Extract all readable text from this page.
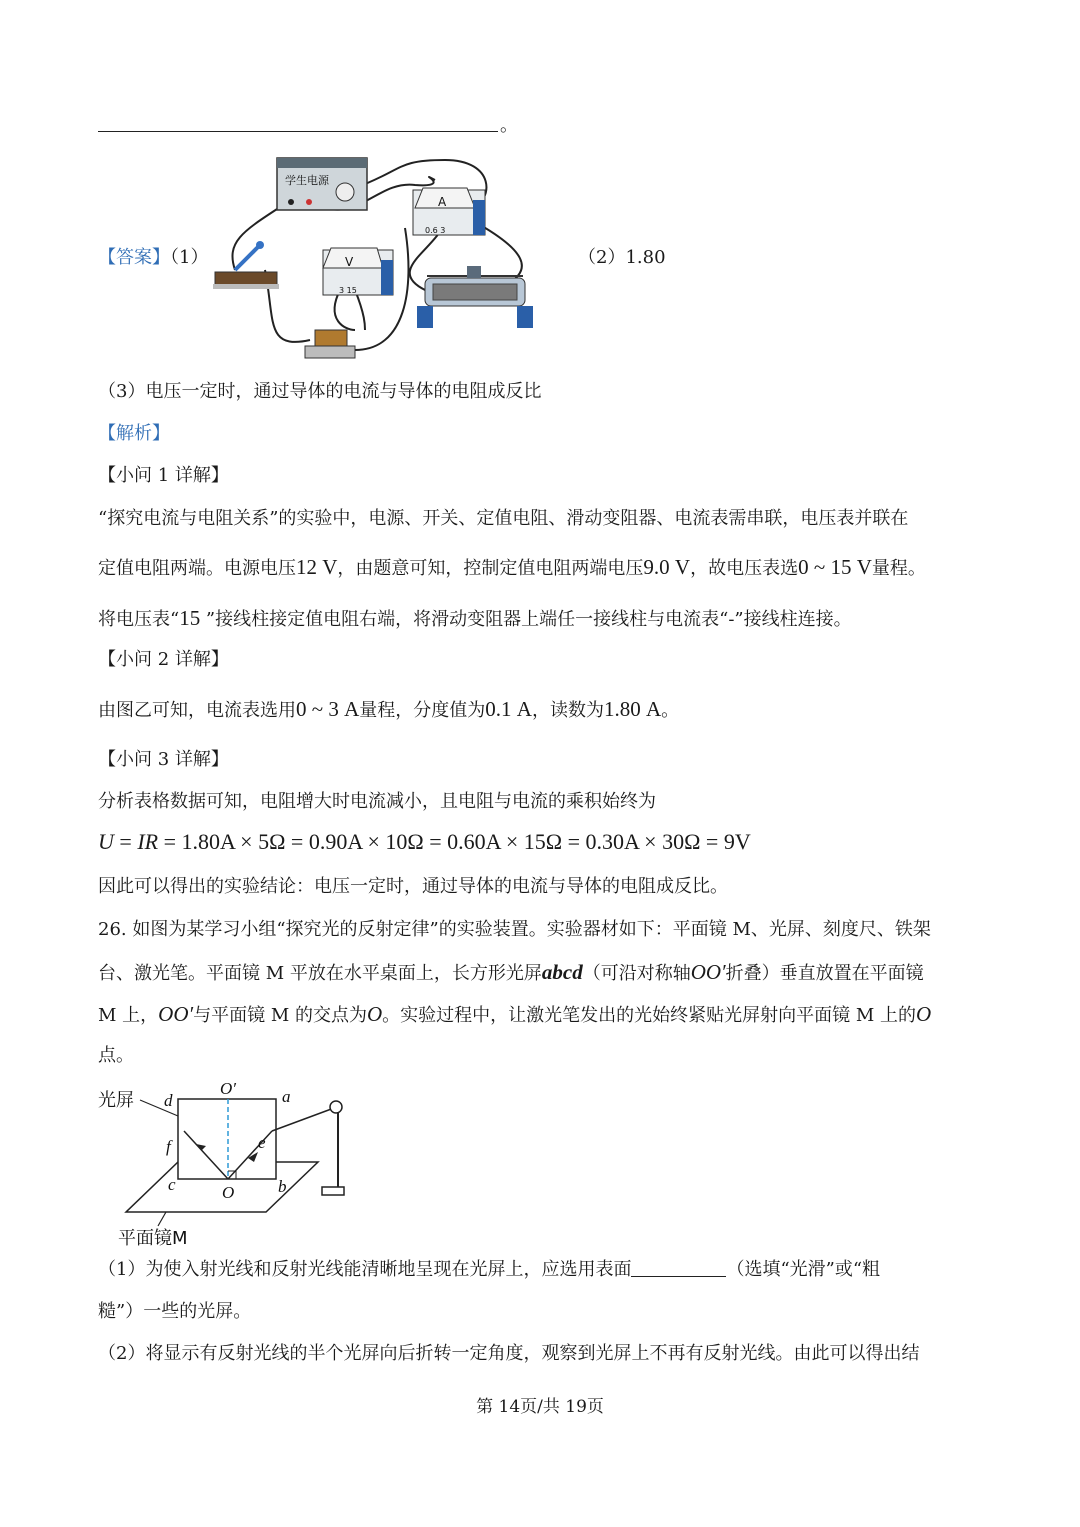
。
【答案】（1）
学生电源
A
0.6 3
V
3 15
（2）1.80
（3）电压一定时，通过导体的电流与导体的电阻成反比
【解析】
【小问 1 详解】
“探究电流与电阻关系”的实验中，电源、开关、定值电阻、滑动变阻器、电流表需串联，电压表并联在
定值电阻两端。电源电压12 V，由题意可知，控制定值电阻两端电压9.0 V，故电压表选0 ~ 15 V量程。
将电压表“15 ”接线柱接定值电阻右端，将滑动变阻器上端任一接线柱与电流表“-”接线柱连接。
【小问 2 详解】
由图乙可知，电流表选用0 ~ 3 A量程，分度值为0.1 A，读数为1.80 A。
【小问 3 详解】
分析表格数据可知，电阻增大时电流减小，且电阻与电流的乘积始终为
U = IR = 1.80A × 5Ω = 0.90A × 10Ω = 0.60A × 15Ω = 0.30A × 30Ω = 9V
因此可以得出的实验结论：电压一定时，通过导体的电流与导体的电阻成反比。
26. 如图为某学习小组“探究光的反射定律”的实验装置。实验器材如下：平面镜 M、光屏、刻度尺、铁架
台、激光笔。平面镜 M 平放在水平桌面上，长方形光屏abcd（可沿对称轴OO′折叠）垂直放置在平面镜
M 上，OO′与平面镜 M 的交点为O。实验过程中，让激光笔发出的光始终紧贴光屏射向平面镜 M 上的O
点。
光屏 d	a
O′
f	e
c	O	b
平面镜M
（1）为使入射光线和反射光线能清晰地呈现在光屏上，应选用表面	（选填“光滑”或“粗
糙”）一些的光屏。
（2）将显示有反射光线的半个光屏向后折转一定角度，观察到光屏上不再有反射光线。由此可以得出结
第 14页/共 19页
